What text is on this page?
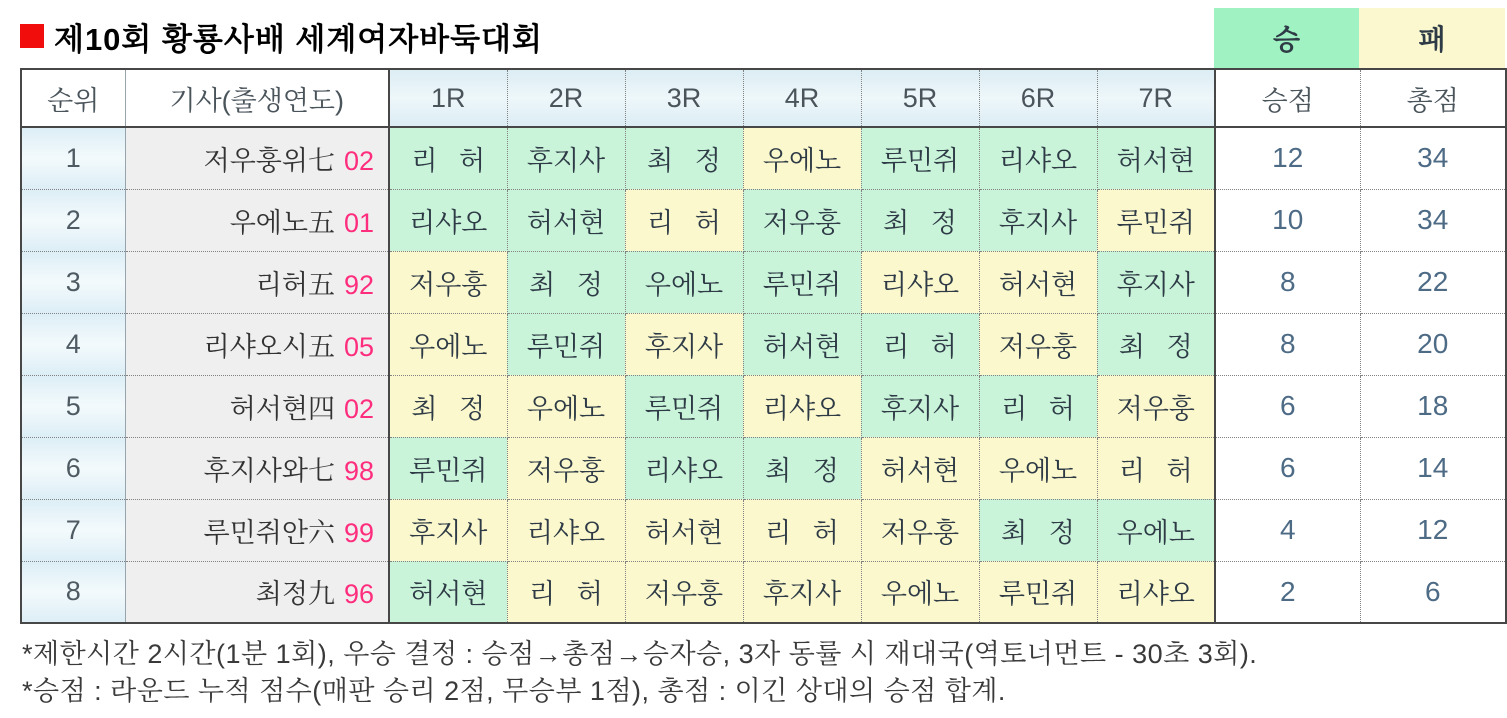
제10회 황룡사배 세계여자바둑대회	승	패
순위	기사(출생연도)	1R	2R	3R	4R	5R	6R	7R	승점	총점
1	저우훙위七 02	리 허	후지사	최 정	우에노	루민쥐	리샤오	허서현	12	34
2	우에노五 01	리샤오	허서현	리 허	저우훙	최 정	후지사	루민쥐	10	34
3	리허五 92	저우훙	최 정	우에노	루민쥐	리샤오	허서현	후지사	8	22
4	리샤오시五 05	우에노	루민쥐	후지사	허서현	리 허	저우훙	최 정	8	20
5	허서현四 02	최 정	우에노	루민쥐	리샤오	후지사	리 허	저우훙	6	18
6	후지사와七 98	루민쥐	저우훙	리샤오	최 정	허서현	우에노	리 허	6	14
7	루민쥐안六 99	후지사	리샤오	허서현	리 허	저우훙	최 정	우에노	4	12
8	최정九 96	허서현	리 허	저우훙	후지사	우에노	루민쥐	리샤오	2	6
*제한시간 2시간(1분 1회), 우승 결정 : 승점→총점→승자승, 3자 동률 시 재대국(역토너먼트 - 30초 3회).
*승점 : 라운드 누적 점수(매판 승리 2점, 무승부 1점), 총점 : 이긴 상대의 승점 합계.
